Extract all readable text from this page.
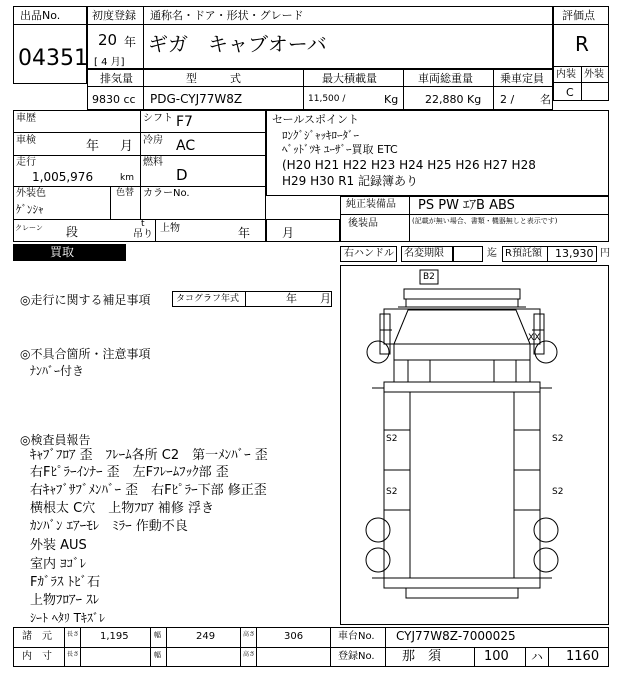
出品No.
04351
初度登録 通称名・ドア・形状・グレード
20 年
[ 4 月]
ギガ　キャブオーバ
評価点
R
内装 外装
C
排気量	型　　　式	最大積載量	車両総重量 乗車定員
9830 cc PDG-CYJ77W8Z	11,500 /	Kg 22,880 Kg 2 / 名
車歴	シフト F7
車検	年 月 冷房 AC
走行
1,005,976	km
燃料
D
外装色
ｹﾞﾝｼｬ
色替 カラーNo.
クレーン 段
t
吊り
上物	年	月
セールスポイント
ﾛﾝｸﾞｼﾞｬｯｷﾛｰﾀﾞｰ
ﾍﾞｯﾄﾞﾂｷ ﾕｰｻﾞｰ買取 ETC
(H20 H21 H22 H23 H24 H25 H26 H27 H28
H29 H30 R1 記録簿あり
純正装備品 PS PW ｴｱB ABS
後装品	(記載が無い場合、書類・機器無しと表示です)
買取	右ハンドル 名変期限	迄 R預託額 13,930 円
◎走行に関する補足事項	タコグラフ年式	年 月
◎不具合箇所・注意事項
ﾅﾝﾊﾞｰ付き
◎検査員報告
ｷｬﾌﾞﾌﾛｱ 歪　ﾌﾚｰﾑ各所 C2　第一ﾒﾝﾊﾞｰ 歪
右Fﾋﾟﾗｰｲﾝﾅｰ 歪　左Fﾌﾚｰﾑﾌｯｸ部 歪
右ｷｬﾌﾞｻﾌﾞﾒﾝﾊﾞｰ 歪　右Fﾋﾟﾗｰ下部 修正歪
横根太 C穴　上物ﾌﾛｱ 補修 浮き
ｶﾝﾊﾞﾝ ｴｱｰﾓﾚ　ﾐﾗｰ 作動不良
外装 AUS
室内 ﾖｺﾞﾚ
Fｶﾞﾗｽ ﾄﾋﾞ石
上物ﾌﾛｱｰ ｽﾚ
ｼｰﾄ ﾍﾀﾘ Tｷｽﾞﾚ
B2
XX
S2	S2
S2	S2
諸　元	長さ 1,195	幅	249	高さ	306	車台No. CYJ77W8Z-7000025
内　寸	長さ	幅	高さ	登録No. 那　須	100 ハ 1160
